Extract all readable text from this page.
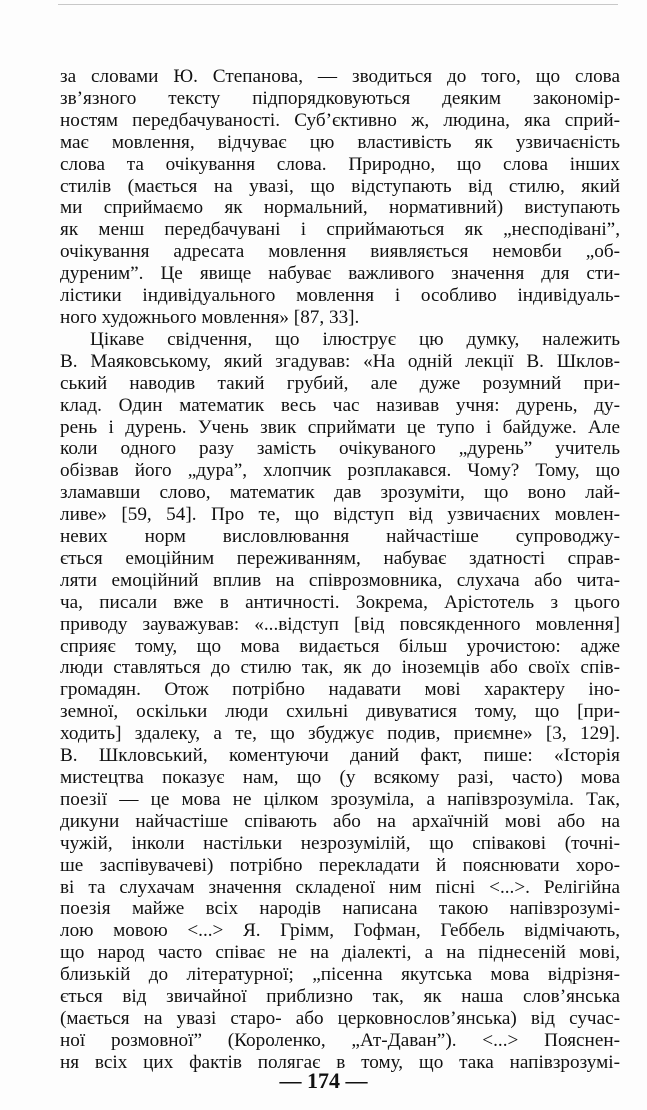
за словами Ю. Степанова, — зводиться до того, що слова
зв’язного тексту підпорядковуються деяким закономір-
ностям передбачуваності. Суб’єктивно ж, людина, яка сприй-
має мовлення, відчуває цю властивість як узвичаєність
слова та очікування слова. Природно, що слова інших
стилів (мається на увазі, що відступають від стилю, який
ми сприймаємо як нормальний, нормативний) виступають
як менш передбачувані і сприймаються як „несподівані”,
очікування адресата мовлення виявляється немовби „об-
дуреним”. Це явище набуває важливого значення для сти-
лістики індивідуального мовлення і особливо індивідуаль-
ного художнього мовлення» [87, 33].
Цікаве свідчення, що ілюструє цю думку, належить
В. Маяковському, який згадував: «На одній лекції В. Шклов-
ський наводив такий грубий, але дуже розумний при-
клад. Один математик весь час називав учня: дурень, ду-
рень і дурень. Учень звик сприймати це тупо і байдуже. Але
коли одного разу замість очікуваного „дурень” учитель
обізвав його „дура”, хлопчик розплакався. Чому? Тому, що
зламавши слово, математик дав зрозуміти, що воно лай-
ливе» [59, 54]. Про те, що відступ від узвичаєних мовлен-
невих норм висловлювання найчастіше супроводжу-
ється емоційним переживанням, набуває здатності справ-
ляти емоційний вплив на співрозмовника, слухача або чита-
ча, писали вже в античності. Зокрема, Арістотель з цього
приводу зауважував: «...відступ [від повсякденного мовлення]
сприяє тому, що мова видається більш урочистою: адже
люди ставляться до стилю так, як до іноземців або своїх спів-
громадян. Отож потрібно надавати мові характеру іно-
земної, оскільки люди схильні дивуватися тому, що [при-
ходить] здалеку, а те, що збуджує подив, приємне» [3, 129].
В. Шкловський, коментуючи даний факт, пише: «Історія
мистецтва показує нам, що (у всякому разі, часто) мова
поезії — це мова не цілком зрозуміла, а напівзрозуміла. Так,
дикуни найчастіше співають або на архаїчній мові або на
чужій, інколи настільки незрозумілій, що співакові (точні-
ше заспівувачеві) потрібно перекладати й пояснювати хоро-
ві та слухачам значення складеної ним пісні <...>. Релігійна
поезія майже всіх народів написана такою напівзрозумі-
лою мовою <...> Я. Грімм, Гофман, Геббель відмічають,
що народ часто співає не на діалекті, а на піднесеній мові,
близькій до літературної; „пісенна якутська мова відрізня-
ється від звичайної приблизно так, як наша слов’янська
(мається на увазі старо- або церковнослов’янська) від сучас-
ної розмовної” (Короленко, „Ат-Даван”). <...> Пояснен-
ня всіх цих фактів полягає в тому, що така напівзрозумі-
— 174 —
